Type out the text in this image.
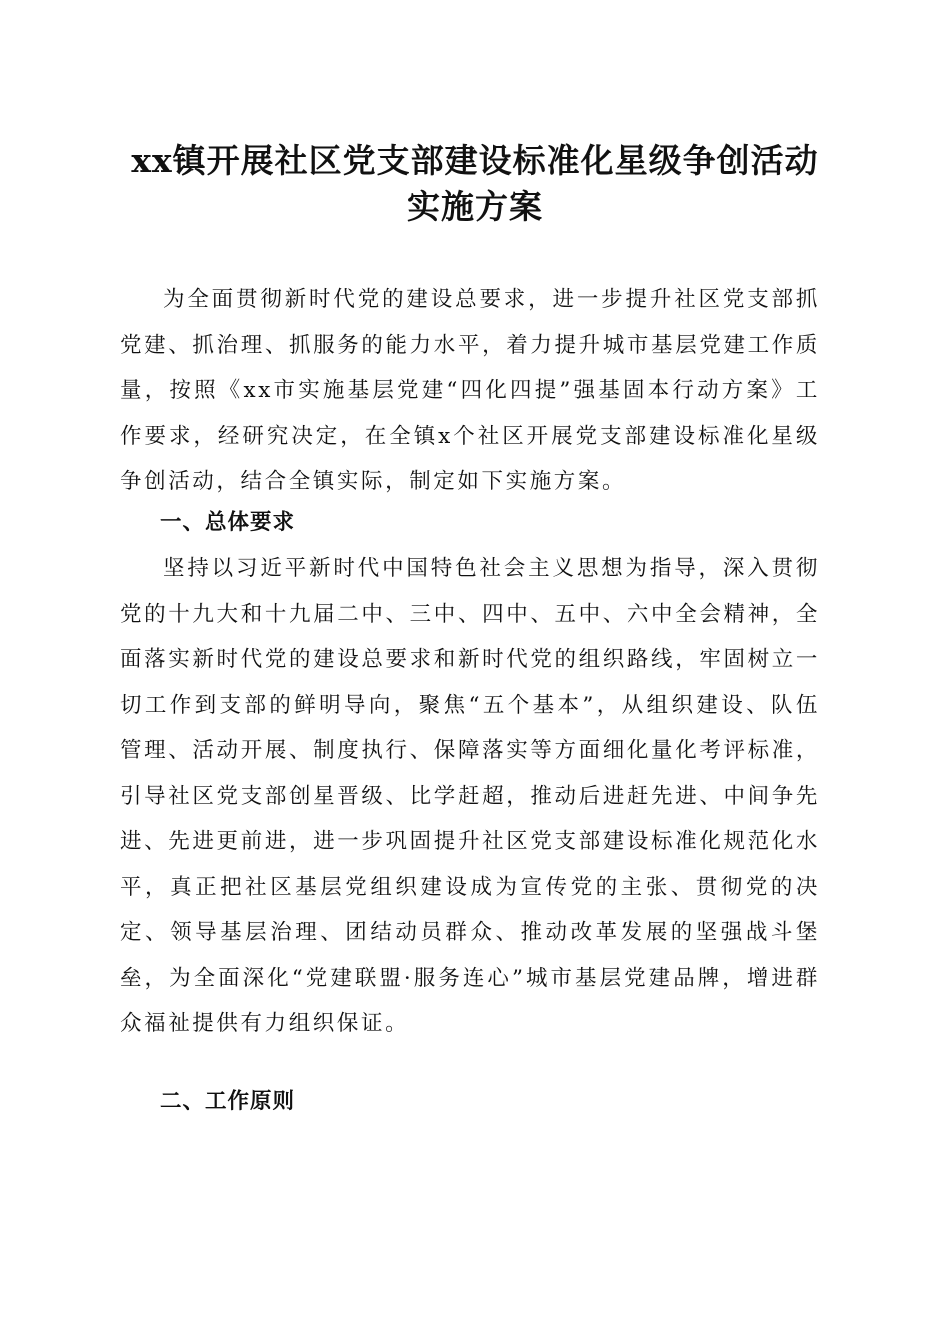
xx镇开展社区党支部建设标准化星级争创活动实施方案

为全面贯彻新时代党的建设总要求，进一步提升社区党支部抓党建、抓治理、抓服务的能力水平，着力提升城市基层党建工作质量，按照《xx市实施基层党建“四化四提”强基固本行动方案》工作要求，经研究决定，在全镇x个社区开展党支部建设标准化星级争创活动，结合全镇实际，制定如下实施方案。

一、总体要求

坚持以习近平新时代中国特色社会主义思想为指导，深入贯彻党的十九大和十九届二中、三中、四中、五中、六中全会精神，全面落实新时代党的建设总要求和新时代党的组织路线，牢固树立一切工作到支部的鲜明导向，聚焦“五个基本”，从组织建设、队伍管理、活动开展、制度执行、保障落实等方面细化量化考评标准，引导社区党支部创星晋级、比学赶超，推动后进赶先进、中间争先进、先进更前进，进一步巩固提升社区党支部建设标准化规范化水平，真正把社区基层党组织建设成为宣传党的主张、贯彻党的决定、领导基层治理、团结动员群众、推动改革发展的坚强战斗堡垒，为全面深化“党建联盟·服务连心”城市基层党建品牌，增进群众福祉提供有力组织保证。

二、工作原则
